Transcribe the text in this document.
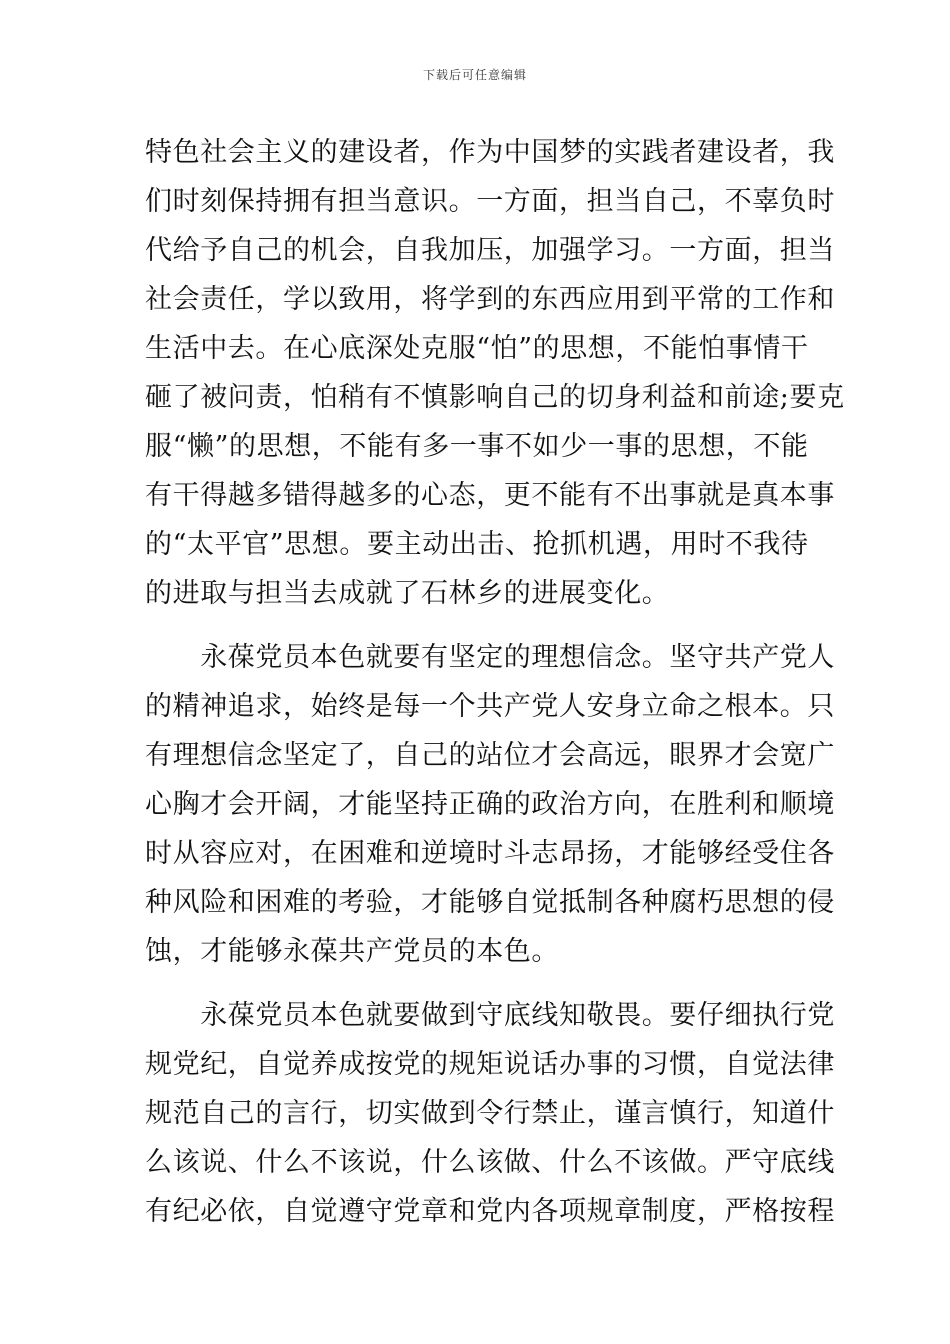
下载后可任意编辑
特色社会主义的建设者，作为中国梦的实践者建设者，我
们时刻保持拥有担当意识。一方面，担当自己，不辜负时
代给予自己的机会，自我加压，加强学习。一方面，担当
社会责任，学以致用，将学到的东西应用到平常的工作和
生活中去。在心底深处克服“怕”的思想，不能怕事情干
砸了被问责，怕稍有不慎影响自己的切身利益和前途;要克
服“懒”的思想，不能有多一事不如少一事的思想，不能
有干得越多错得越多的心态，更不能有不出事就是真本事
的“太平官”思想。要主动出击、抢抓机遇，用时不我待
的进取与担当去成就了石林乡的进展变化。
　　永葆党员本色就要有坚定的理想信念。坚守共产党人
的精神追求，始终是每一个共产党人安身立命之根本。只
有理想信念坚定了，自己的站位才会高远，眼界才会宽广
心胸才会开阔，才能坚持正确的政治方向，在胜利和顺境
时从容应对，在困难和逆境时斗志昂扬，才能够经受住各
种风险和困难的考验，才能够自觉抵制各种腐朽思想的侵
蚀，才能够永葆共产党员的本色。
　　永葆党员本色就要做到守底线知敬畏。要仔细执行党
规党纪，自觉养成按党的规矩说话办事的习惯，自觉法律
规范自己的言行，切实做到令行禁止，谨言慎行，知道什
么该说、什么不该说，什么该做、什么不该做。严守底线
有纪必依，自觉遵守党章和党内各项规章制度，严格按程
